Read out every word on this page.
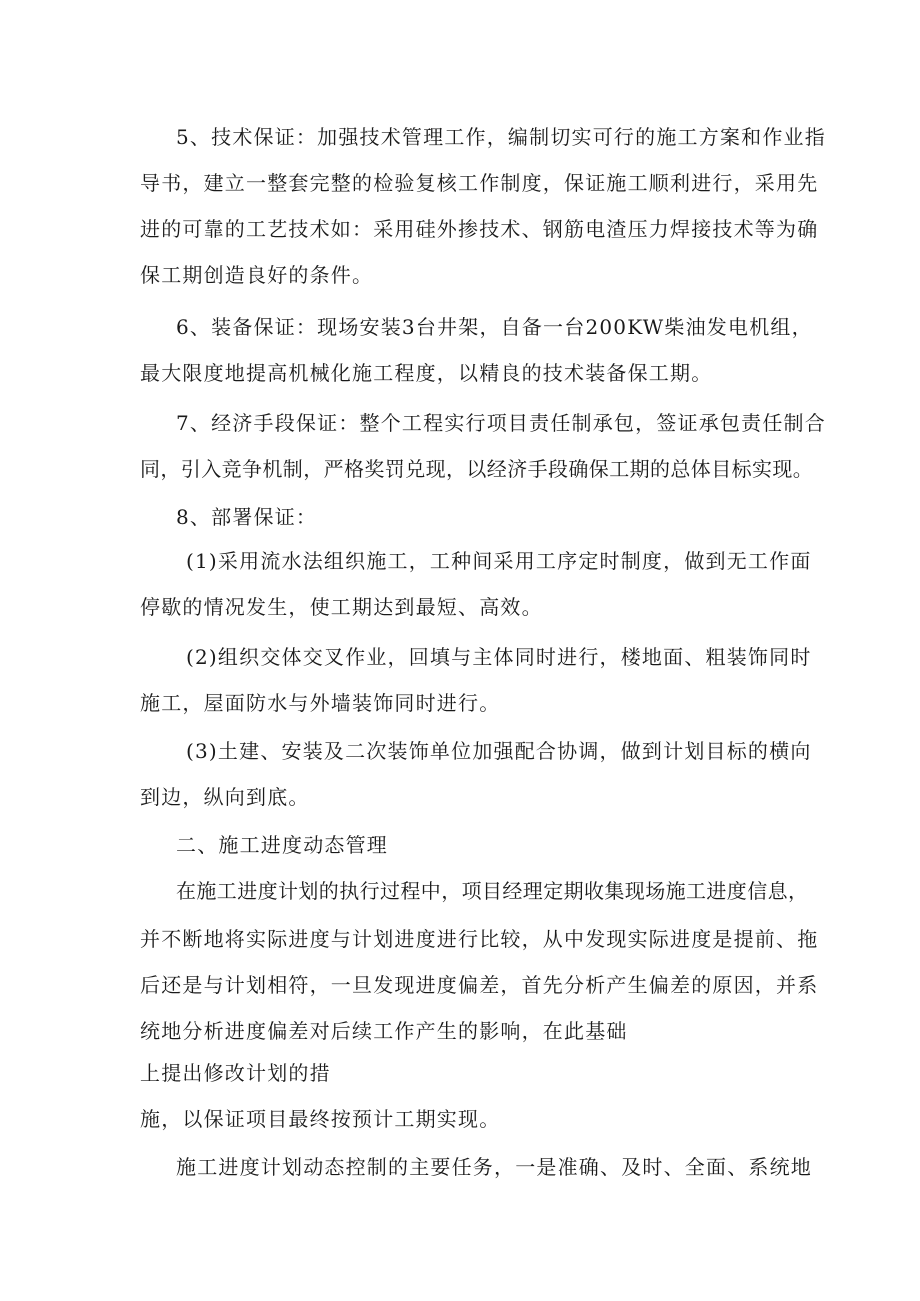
5、技术保证：加强技术管理工作，编制切实可行的施工方案和作业指
导书，建立一整套完整的检验复核工作制度，保证施工顺利进行，采用先
进的可靠的工艺技术如：采用硅外掺技术、钢筋电渣压力焊接技术等为确
保工期创造良好的条件。
6、装备保证：现场安装3台井架，自备一台200KW柴油发电机组，
最大限度地提高机械化施工程度，以精良的技术装备保工期。
7、经济手段保证：整个工程实行项目责任制承包，签证承包责任制合
同，引入竞争机制，严格奖罚兑现，以经济手段确保工期的总体目标实现。
8、部署保证：
(1)采用流水法组织施工，工种间采用工序定时制度，做到无工作面
停歇的情况发生，使工期达到最短、高效。
(2)组织交体交叉作业，回填与主体同时进行，楼地面、粗装饰同时
施工，屋面防水与外墙装饰同时进行。
(3)土建、安装及二次装饰单位加强配合协调，做到计划目标的横向
到边，纵向到底。
二、施工进度动态管理
在施工进度计划的执行过程中，项目经理定期收集现场施工进度信息，
并不断地将实际进度与计划进度进行比较，从中发现实际进度是提前、拖
后还是与计划相符，一旦发现进度偏差，首先分析产生偏差的原因，并系
统地分析进度偏差对后续工作产生的影响，在此基础
上提出修改计划的措
施，以保证项目最终按预计工期实现。
施工进度计划动态控制的主要任务，一是准确、及时、全面、系统地
